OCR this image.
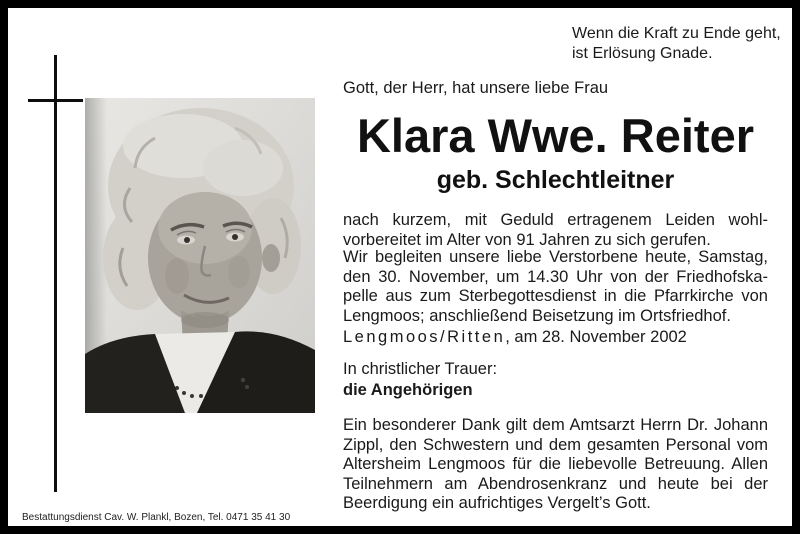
Wenn die Kraft zu Ende geht,
ist Erlösung Gnade.
Gott, der Herr, hat unsere liebe Frau
Klara Wwe. Reiter
geb. Schlechtleitner
nach kurzem, mit Geduld ertragenem Leiden wohl-
vorbereitet im Alter von 91 Jahren zu sich gerufen.
Wir begleiten unsere liebe Verstorbene heute, Samstag,
den 30. November, um 14.30 Uhr von der Friedhofska-
pelle aus zum Sterbegottesdienst in die Pfarrkirche von
Lengmoos; anschließend Beisetzung im Ortsfriedhof.
Lengmoos/Ritten, am 28. November 2002
In christlicher Trauer:
die Angehörigen
Ein besonderer Dank gilt dem Amtsarzt Herrn Dr. Johann
Zippl, den Schwestern und dem gesamten Personal vom
Altersheim Lengmoos für die liebevolle Betreuung. Allen
Teilnehmern am Abendrosenkranz und heute bei der
Beerdigung ein aufrichtiges Vergelt’s Gott.
Bestattungsdienst Cav. W. Plankl, Bozen, Tel. 0471 35 41 30
